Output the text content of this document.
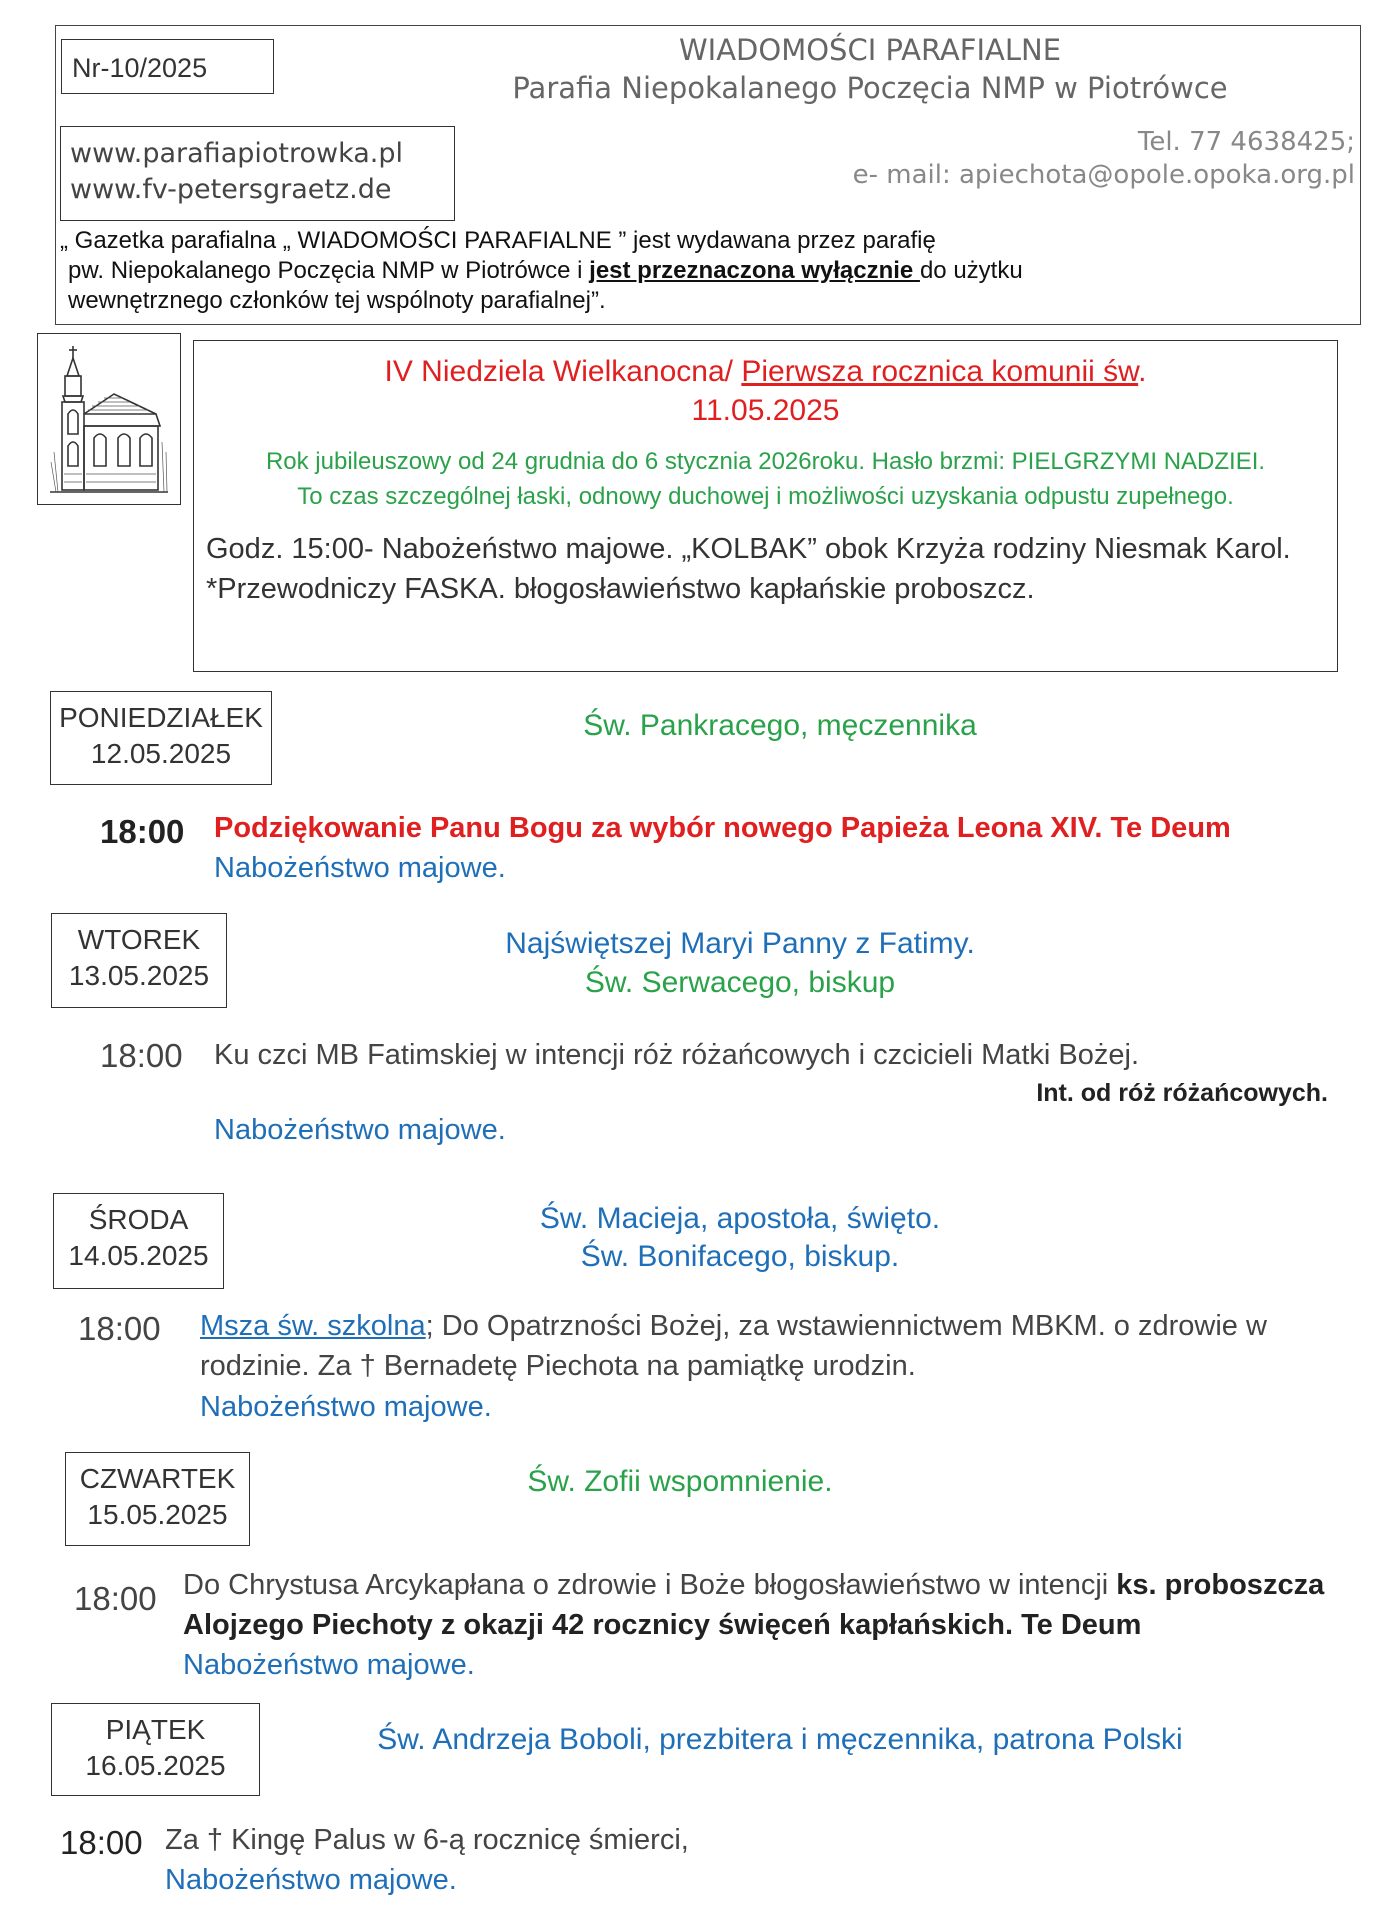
Nr-10/2025
WIADOMOŚCI PARAFIALNE
Parafia Niepokalanego Poczęcia NMP w Piotrówce
www.parafiapiotrowka.pl
www.fv-petersgraetz.de
Tel. 77 4638425;
e- mail: apiechota@opole.opoka.org.pl
„ Gazetka parafialna „ WIADOMOŚCI PARAFIALNE ” jest wydawana przez parafię
pw. Niepokalanego Poczęcia NMP w Piotrówce i jest przeznaczona wyłącznie do użytku
wewnętrznego członków tej wspólnoty parafialnej”.
IV Niedziela Wielkanocna/ Pierwsza rocznica komunii św.
11.05.2025
Rok jubileuszowy od 24 grudnia do 6 stycznia 2026roku. Hasło brzmi: PIELGRZYMI NADZIEI.
To czas szczególnej łaski, odnowy duchowej i możliwości uzyskania odpustu zupełnego.
Godz. 15:00- Nabożeństwo majowe. „KOLBAK” obok Krzyża rodziny Niesmak Karol.
*Przewodniczy FASKA. błogosławieństwo kapłańskie proboszcz.
PONIEDZIAŁEK
12.05.2025
Św. Pankracego, męczennika
18:00 Podziękowanie Panu Bogu za wybór nowego Papieża Leona XIV. Te Deum
Nabożeństwo majowe.
WTOREK
13.05.2025
Najświętszej Maryi Panny z Fatimy.
Św. Serwacego, biskup
18:00 Ku czci MB Fatimskiej w intencji róż różańcowych i czcicieli Matki Bożej.
Int. od róż różańcowych.
Nabożeństwo majowe.
ŚRODA
14.05.2025
Św. Macieja, apostoła, święto.
Św. Bonifacego, biskup.
18:00 Msza św. szkolna; Do Opatrzności Bożej, za wstawiennictwem MBKM. o zdrowie w
rodzinie. Za † Bernadetę Piechota na pamiątkę urodzin.
Nabożeństwo majowe.
CZWARTEK
15.05.2025
Św. Zofii wspomnienie.
18:00 Do Chrystusa Arcykapłana o zdrowie i Boże błogosławieństwo w intencji ks. proboszcza
Alojzego Piechoty z okazji 42 rocznicy święceń kapłańskich. Te Deum
Nabożeństwo majowe.
PIĄTEK
16.05.2025
Św. Andrzeja Boboli, prezbitera i męczennika, patrona Polski
18:00 Za † Kingę Palus w 6-ą rocznicę śmierci,
Nabożeństwo majowe.
